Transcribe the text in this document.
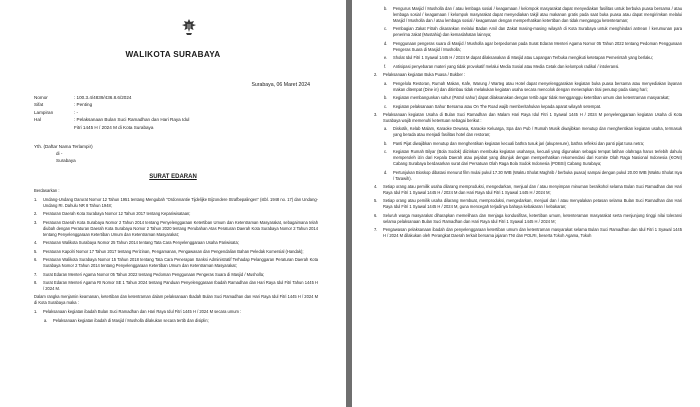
WALIKOTA SURABAYA
Surabaya, 06 Maret 2024
Nomor	: 100.3.4/4839/436.8.6/2024
Sifat	: Penting
Lampiran	: -
Hal	: Pelaksanaan Bulan Suci Ramadhan dan Hari Raya Idul Fitri 1445 H / 2024 M di Kota Surabaya
Yth. (Daftar Nama Terlampir)
di -
Surabaya
SURAT EDARAN
Berdasarkan :
1.	Undang-Undang Darurat Nomor 12 Tahun 1951 tentang Mengubah "Ordonnantie Tijdelijke Bijzondere Strafbepalingen" (stbl. 1948 no. 17) dan Undang-Undang RI. Dahulu NR 8 Tahun 1948;
2.	Peraturan Daerah Kota Surabaya Nomor 12 Tahun 2017 tentang Kepariwisataan;
3.	Peraturan Daerah Kota Surabaya Nomor 2 Tahun 2014 tentang Penyelenggaraan Ketertiban Umum dan Ketentraman Masyarakat, sebagaimana telah diubah dengan Peraturan Daerah Kota Surabaya Nomor 2 Tahun 2020 tentang Perubahan Atas Peraturan Daerah Kota Surabaya Nomor 2 Tahun 2014 tentang Penyelenggaraan Ketertiban Umum dan Ketentraman Masyarakat;
4.	Peraturan Walikota Surabaya Nomor 25 Tahun 2014 tentang Tata Cara Penyelenggaraan Usaha Pariwisata;
5.	Peraturan Kapolri Nomor 17 Tahun 2017 tentang Perizinan, Pengamanan, Pengawasan dan Pengendalian Bahan Peledak Komersial (Handak);
6.	Peraturan Walikota Surabaya Nomor 15 Tahun 2018 tentang Tata Cara Penerapan Sanksi Administratif Terhadap Pelanggaran Peraturan Daerah Kota Surabaya Nomor 2 Tahun 2014 tentang Penyelenggaraan Ketertiban Umum dan Ketentraman Masyarakat;
7.	Surat Edaran Menteri Agama Nomor 05 Tahun 2022 tentang Pedoman Penggunaan Pengeras Suara di Masjid / Musholla;
8.	Surat Edaran Menteri Agama RI Nomor SE 1 Tahun 2024 tentang Panduan Penyelenggaraan Ibadah Ramadhan dan Hari Raya Idul Fitri Tahun 1445 H / 2024 M.
Dalam rangka menjamin keamanan, ketertiban dan ketentraman dalam pelaksanaan Ibadah Bulan Suci Ramadhan dan Hari Raya Idul Fitri 1445 H / 2024 M di Kota Surabaya maka :
1.	Pelaksanaan kegiatan ibadah Bulan Suci Ramadhan dan Hari Raya Idul Fitri 1445 H / 2024 M secara umum :
a.	Pelaksanaan kegiatan ibadah di Masjid / Musholla dilakukan secara tertib dan disiplin;
b.	Pengurus Masjid / Musholla dan / atau lembaga sosial / keagamaan / kelompok masyarakat dapat menyediakan fasilitas untuk berbuka puasa bersama / atau lembaga sosial / keagamaan / kelompok masyarakat dapat menyediakan takjil atau makanan gratis pada saat buka puasa atau dapat mengirimkan melalui Masjid / Musholla dan / atau lembaga sosial / keagamaan dengan memperhatikan ketertiban dan tidak menganggu ketenteraman;
c.	Pembagian Zakat Fitrah disarankan melalui Badan Amil dan Zakat masing-masing wilayah di Kota Surabaya untuk menghindari antrean / kerumunan para penerima zakat (Mustahiq) dan kemaslahatan lainnya;
d.	Penggunaan pengeras suara di Masjid / Musholla agar berpedoman pada Surat Edaran Menteri Agama Nomor 05 Tahun 2022 tentang Pedoman Penggunaan Pengeras Suara di Masjid / Musholla;
e.	Sholat Idul Fitri 1 Syawal 1445 H / 2024 M dapat dilaksanakan di Masjid atau Lapangan Terbuka mengikuti ketetapan Pemerintah yang berlaku;
f.	Antisipasi penyebaran materi yang tidak provokatif melalui Media Sosial atau Media Cetak dan kelompok radikal / intoleransi.
2.	Pelaksanaan kegiatan Buka Puasa / Bukber :
a.	Pengelola Restoran, Rumah Makan, Kafe, Warung / Warteg atau Hotel dapat menyelenggarakan kegiatan buka puasa bersama atau menyediakan layanan makan ditempat (Dine in) dan ditimbau tidak melakukan kegiatan usaha secara mencolok dengan menerapkan tirai penutup pada siang hari;
b.	Kegiatan membangunkan sahur (Patrol sahur) dapat dilaksanakan dengan tertib agar tidak mengganggu ketertiban umum dan ketentraman masyarakat;
c.	Kegiatan pelaksanaan Sahur Bersama atau On The Road wajib memberitahukan kepada aparat wilayah setempat.
3.	Pelaksanaan kegiatan Usaha di Bulan Suci Ramadhan dan Malam Hari Raya Idul Fitri 1 Syawal 1445 H / 2024 M penyelenggaraan kegiatan Usaha di Kota Surabaya wajib memenuhi ketentuan sebagai berikut :
a.	Diskotik, Kelab Malam, Karaoke Dewasa, Karaoke Keluarga, Spa dan Pub / Rumah Musik diwajibkan menutup dan menghentikan kegiatan usaha, termasuk yang berada atau menjadi fasilitas hotel dan restoran;
b.	Panti Pijat diwajibkan menutup dan menghentikan kegiatan kecuali bathra tusuk jari (akupresure), bathra refleksi dan panti pijat tuna netra;
c.	Kegiatan Rumah Bilyar (Bola Sodok) diizinkan membuka kegiatan usahanya, kecuali yang digunakan sebagai tempat latihan olahraga harus terlebih dahulu memperoleh izin dari Kepala Daerah atau pejabat yang ditunjuk dengan memperhatikan rekomendasi dari Komite Olah Raga Nasional Indonesia (KONI) Cabang Surabaya berdasarkan surat dari Persatuan Olah Raga Bola Sodok Indonesia (POBSI) Cabang Surabaya;
d.	Pertunjukan Bioskop dibatasi menurut film mulai pukul 17.30 WIB (Waktu Sholat Maghrib / berbuka puasa) sampai dengan pukul 20.00 WIB (Waktu Sholat Isya / Tarawih).
4.	Setiap orang atau pemilik usaha dilarang memproduksi, mengedarkan, menjual dan / atau menyimpan minuman beralkohol selama Bulan Suci Ramadhan dan Hari Raya Idul Fitri 1 Syawal 1445 H / 2024 M dan Hari Raya Idul Fitri 1 Syawal 1445 H / 2024 M;
5.	Setiap orang atau pemilik usaha dilarang membuat, memproduksi, mengedarkan, menjual dan / atau menyalakan petasan selama Bulan Suci Ramadhan dan Hari Raya Idul Fitri 1 Syawal 1445 H / 2024 M, guna mencegah terjadinya bahaya kebakaran / kebakaran;
6.	Seluruh warga masyarakat diharapkan memelihara dan menjaga kondusifitas, ketertiban umum, ketenteraman masyarakat serta menjunjung tinggi nilai toleransi selama pelaksanaan Bulan Suci Ramadhan dan Hari Raya Idul Fitri 1 Syawal 1445 H / 2024 M;
7.	Pengawasan pelaksanaan ibadah dan penyelenggaraan ketertiban umum dan ketentraman masyarakat selama Bulan Suci Ramadhan dan Idul Fitri 1 Syawal 1445 H / 2024 M dilakukan oleh Perangkat Daerah terkait bersama jajaran TNI dan POLRI, beserta Tokoh Agama, Tokoh
